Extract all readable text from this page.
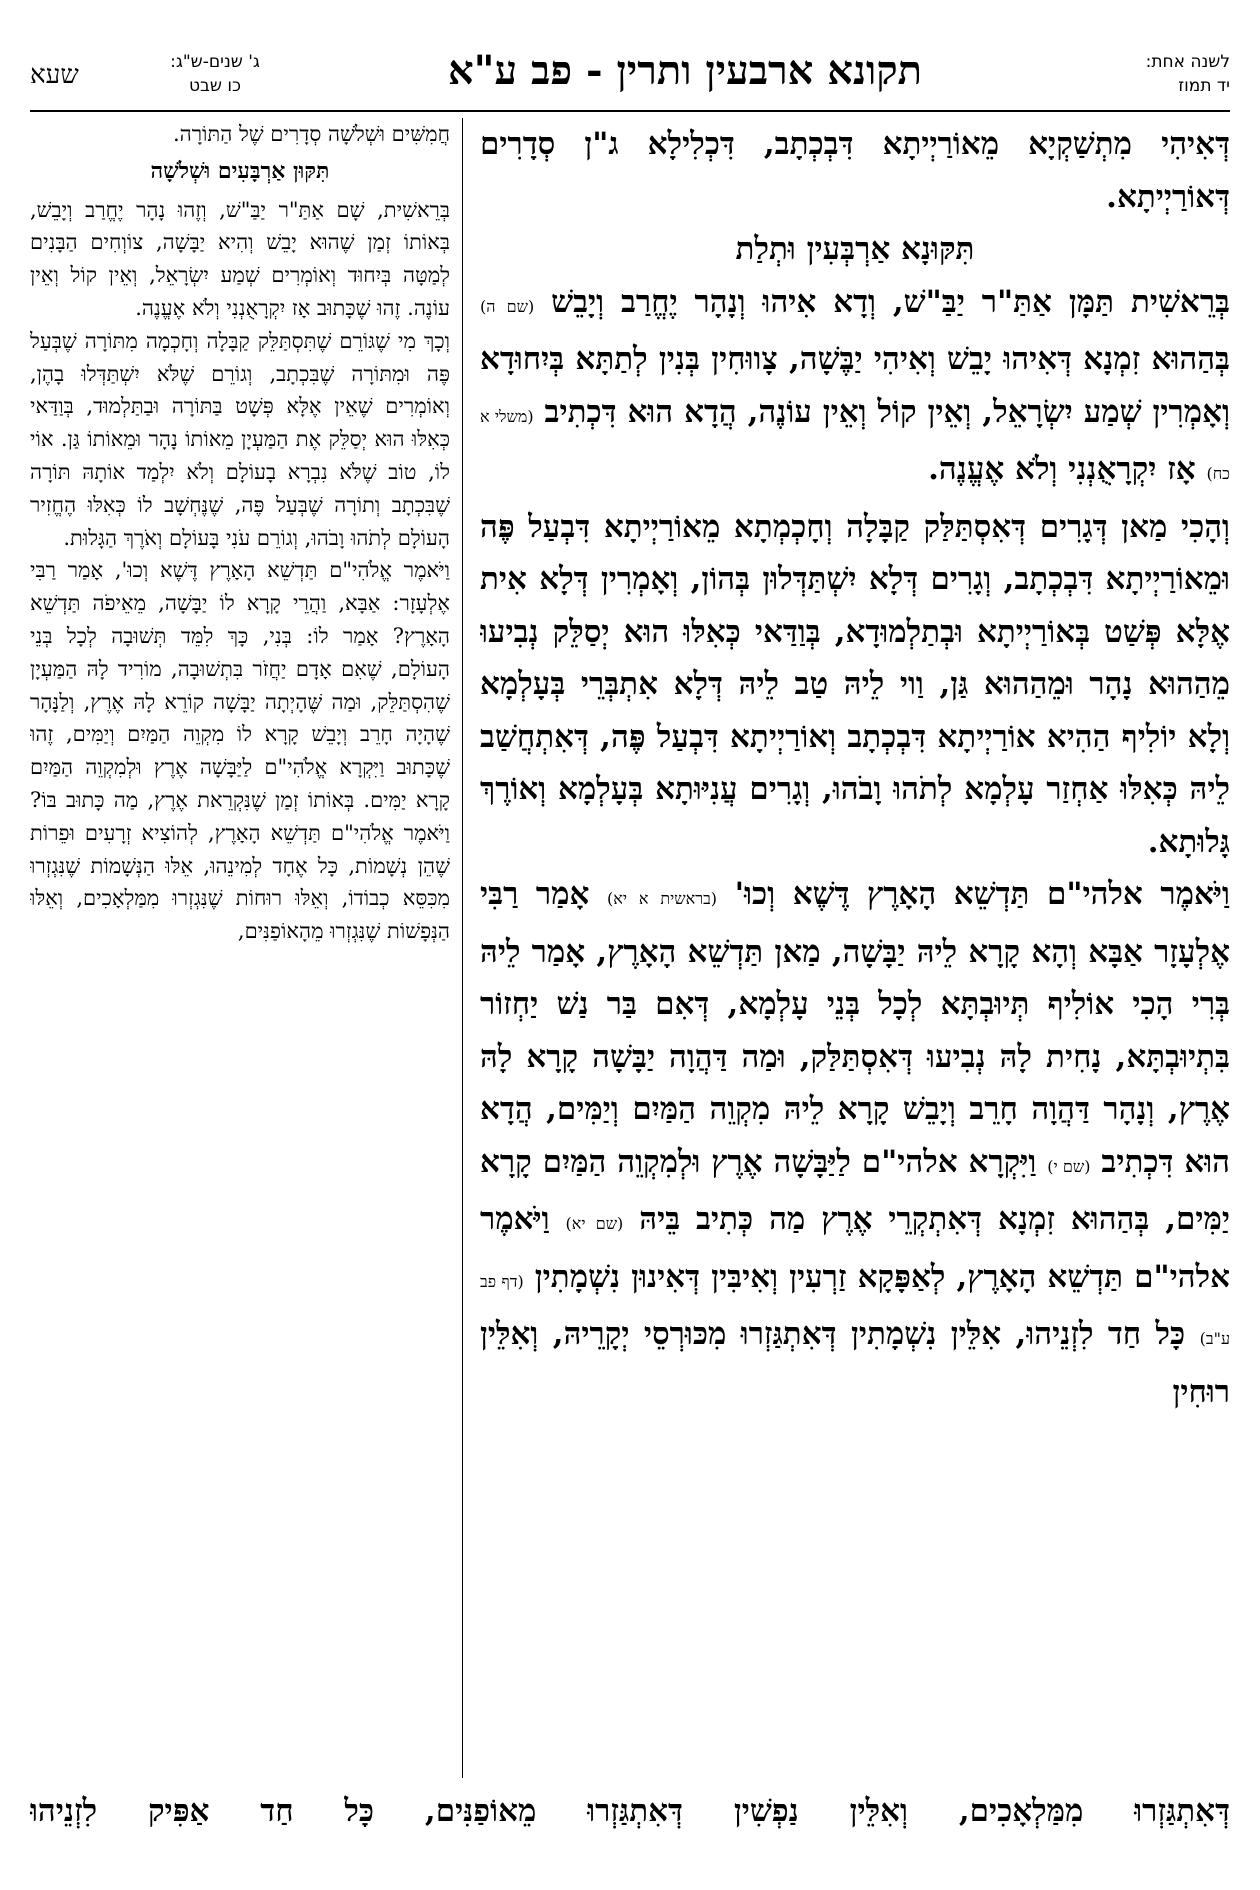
לשנה אחת:
יד תמוז
תקונא ארבעין ותרין - פב ע"א
ג' שנים-ש"ג:
כו שבט
שעא

דְּאִיהִי מִתְשַׁקְיָא מֵאוֹרַיְיתָא דִּבְכְתָב, דִּכְלִילָא ג"ן סְדָרִים דְּאוֹרַיְיתָא.

תִּקּוּנָא אַרְבְּעִין וּתְלַת

בְּרֵאשִׁית תַּמָּן אַתַּ"ר יַבַּ"שׁ, וְדָא אִיהוּ וְנָהָר יֶחֱרַב וְיָבֵשׁ (שם ה) בְּהַהוּא זִמְנָא דְּאִיהוּ יָבֵשׁ וְאִיהִי יַבֶּשָׁה, צָווּחִין בְּנִין לְתַתָּא בְּיִחוּדָא וְאָמְרִין שְׁמַע יִשְׂרָאֵל, וְאֵין קוֹל וְאֵין עוֹנֶה, הֲדָא הוּא דִּכְתִיב (משלי א כח) אָז יִקְרָאֻנְנִי וְלֹא אֶעֱנֶה.

וְהָכִי מַאן דְּגָרִים דְּאִסְתַּלַּק קַבָּלָה וְחָכְמְתָא מֵאוֹרַיְיתָא דִּבְעַל פֶּה וּמֵאוֹרַיְיתָא דִּבְכְתָב, וְגָרִים דְּלָא יִשְׁתַּדְּלוּן בְּהוֹן, וְאָמְרִין דְּלָא אִית אֶלָּא פְּשַׁט בְּאוֹרַיְיתָא וּבְתַלְמוּדָא, בְּוַדַּאי כְּאִלּוּ הוּא יְסַלֵּק נְבִיעוּ מֵהַהוּא נָהָר וּמֵהַהוּא גַּן, וַוי לֵיהּ טַב לֵיהּ דְּלָא אִתְבְּרֵי בְּעָלְמָא וְלָא יוֹלִיף הַהִיא אוֹרַיְיתָא דִּבְכְתָב וְאוֹרַיְיתָא דִּבְעַל פֶּה, דְּאִתְחֲשַׁב לֵיהּ כְּאִלּוּ אַחְזַר עָלְמָא לְתֹהוּ וָבֹהוּ, וְגָרִים עֲנִיּוּתָא בְּעָלְמָא וְאוֹרֶךְ גָּלוּתָא.

וַיֹּאמֶר אלהי"ם תַּדְשֵׁא הָאָרֶץ דֶּשֶׁא וְכוּ' (בראשית א יא) אָמַר רַבִּי אֶלְעָזָר אַבָּא וְהָא קָרָא לֵיהּ יַבָּשָׁה, מַאן תַּדְשֵׁא הָאָרֶץ, אָמַר לֵיהּ בְּרִי הָכִי אוֹלִיף תְּיוּבְתָּא לְכָל בְּנֵי עָלְמָא, דְּאִם בַּר נַשׁ יַחְזוֹר בִּתְיוּבְתָּא, נָחִית לָהּ נְבִיעוּ דְּאִסְתַּלַּק, וּמַה דַּהֲוָה יַבָּשָׁה קָרָא לָהּ אֶרֶץ, וְנָהָר דַּהֲוָה חָרֵב וְיָבֵשׁ קָרָא לֵיהּ מִקְוֵה הַמַּיִם וְיַמִּים, הֲדָא הוּא דִּכְתִיב (שם י) וַיִּקְרָא אלהי"ם לַיַּבָּשָׁה אֶרֶץ וּלְמִקְוֵה הַמַּיִם קָרָא יַמִּים, בְּהַהוּא זִמְנָא דְּאִתְקְרֵי אֶרֶץ מַה כְּתִיב בֵּיהּ (שם יא) וַיֹּאמֶר אלהי"ם תַּדְשֵׁא הָאָרֶץ, לְאַפָּקָא זַרְעִין וְאִיבִּין דְּאִינוּן נִשְׁמָתִין (דף פב ע"ב) כָּל חַד לִזְנֵיהוּ, אִלֵּין נִשְׁמָתִין דְּאִתְגַּזְרוּ מִכּוּרְסֵי יְקָרֵיהּ, וְאִלֵּין רוּחִין

חֲמִשִּׁים וּשְׁלֹשָׁה סְדָרִים שֶׁל הַתּוֹרָה.

תִּקּוּן אַרְבָּעִים וּשְׁלֹשָׁה

בְּרֵאשִׁית, שָׁם אַתַּ"ר יַבַּ"שׁ, וְזֶהוּ נָהָר יֶחֱרַב וְיָבֵשׁ, בְּאוֹתוֹ זְמַן שֶׁהוּא יָבֵשׁ וְהִיא יַבָּשָׁה, צוֹוְחִים הַבָּנִים לְמַטָּה בְּיִחוּד וְאוֹמְרִים שְׁמַע יִשְׂרָאֵל, וְאֵין קוֹל וְאֵין עוֹנֶה. זֶהוּ שֶׁכָּתוּב אָז יִקְרָאֻנְנִי וְלֹא אֶעֱנֶה.

וְכָךְ מִי שֶׁגּוֹרֵם שֶׁתִּסְתַּלֵּק קַבָּלָה וְחָכְמָה מִתּוֹרָה שֶׁבְּעַל פֶּה וּמִתּוֹרָה שֶׁבִּכְתָב, וְגוֹרֵם שֶׁלֹּא יִשְׁתַּדְּלוּ בָהֶן, וְאוֹמְרִים שֶׁאֵין אֶלָּא פְּשָׁט בַּתּוֹרָה וּבַתַּלְמוּד, בְּוַדַּאי כְּאִלּוּ הוּא יְסַלֵּק אֶת הַמַּעְיָן מֵאוֹתוֹ נָהָר וּמֵאוֹתוֹ גַּן. אוֹי לוֹ, טוֹב שֶׁלֹּא נִבְרָא בָעוֹלָם וְלֹא יִלְמַד אוֹתָהּ תּוֹרָה שֶׁבִּכְתָב וְתוֹרָה שֶׁבְּעַל פֶּה, שֶׁנֶּחְשָׁב לוֹ כְּאִלּוּ הֶחֱזִיר הָעוֹלָם לְתֹהוּ וָבֹהוּ, וְגוֹרֵם עֹנִי בָּעוֹלָם וְאֹרֶךְ הַגָּלוּת.

וַיֹּאמֶר אֱלֹהִי"ם תַּדְשֵׁא הָאָרֶץ דֶּשֶׁא וְכוּ', אָמַר רַבִּי אֶלְעָזָר: אַבָּא, וַהֲרֵי קָרָא לוֹ יַבָּשָׁה, מֵאֵיפֹה תַּדְשֵׁא הָאָרֶץ? אָמַר לוֹ: בְּנִי, כָּךְ לִמֵּד תְּשׁוּבָה לְכָל בְּנֵי הָעוֹלָם, שֶׁאִם אָדָם יַחֲזֹר בִּתְשׁוּבָה, מוֹרִיד לָהּ הַמַּעְיָן שֶׁהִסְתַּלֵּק, וּמַה שֶּׁהָיְתָה יַבָּשָׁה קוֹרֵא לָהּ אֶרֶץ, וְלַנָּהָר שֶׁהָיָה חָרֵב וְיָבֵשׁ קָרָא לוֹ מִקְוֵה הַמַּיִם וְיַמִּים, זֶהוּ שֶׁכָּתוּב וַיִּקְרָא אֱלֹהִי"ם לַיַּבָּשָׁה אֶרֶץ וּלְמִקְוֵה הַמַּיִם קָרָא יַמִּים. בְּאוֹתוֹ זְמַן שֶׁנִּקְרֵאת אֶרֶץ, מַה כָּתוּב בּוֹ? וַיֹּאמֶר אֱלֹהִי"ם תַּדְשֵׁא הָאָרֶץ, לְהוֹצִיא זְרָעִים וּפֵרוֹת שֶׁהֵן נְשָׁמוֹת, כָּל אֶחָד לְמִינֵהוּ, אֵלּוּ הַנְּשָׁמוֹת שֶׁנִּגְזְרוּ מִכִּסֵּא כְבוֹדוֹ, וְאֵלּוּ רוּחוֹת שֶׁנִּגְזְרוּ מִמַּלְאָכִים, וְאֵלּוּ הַנְּפָשׁוֹת שֶׁנִּגְזְרוּ מֵהָאוֹפַנִּים,

דְּאִתְגַּזְרוּ מִמַּלְאָכִים, וְאִלֵּין נַפְשִׁין דְּאִתְגַּזְרוּ מֵאוֹפַנִּים, כָּל חַד אַפִּיק לִזְנֵיהוּ
